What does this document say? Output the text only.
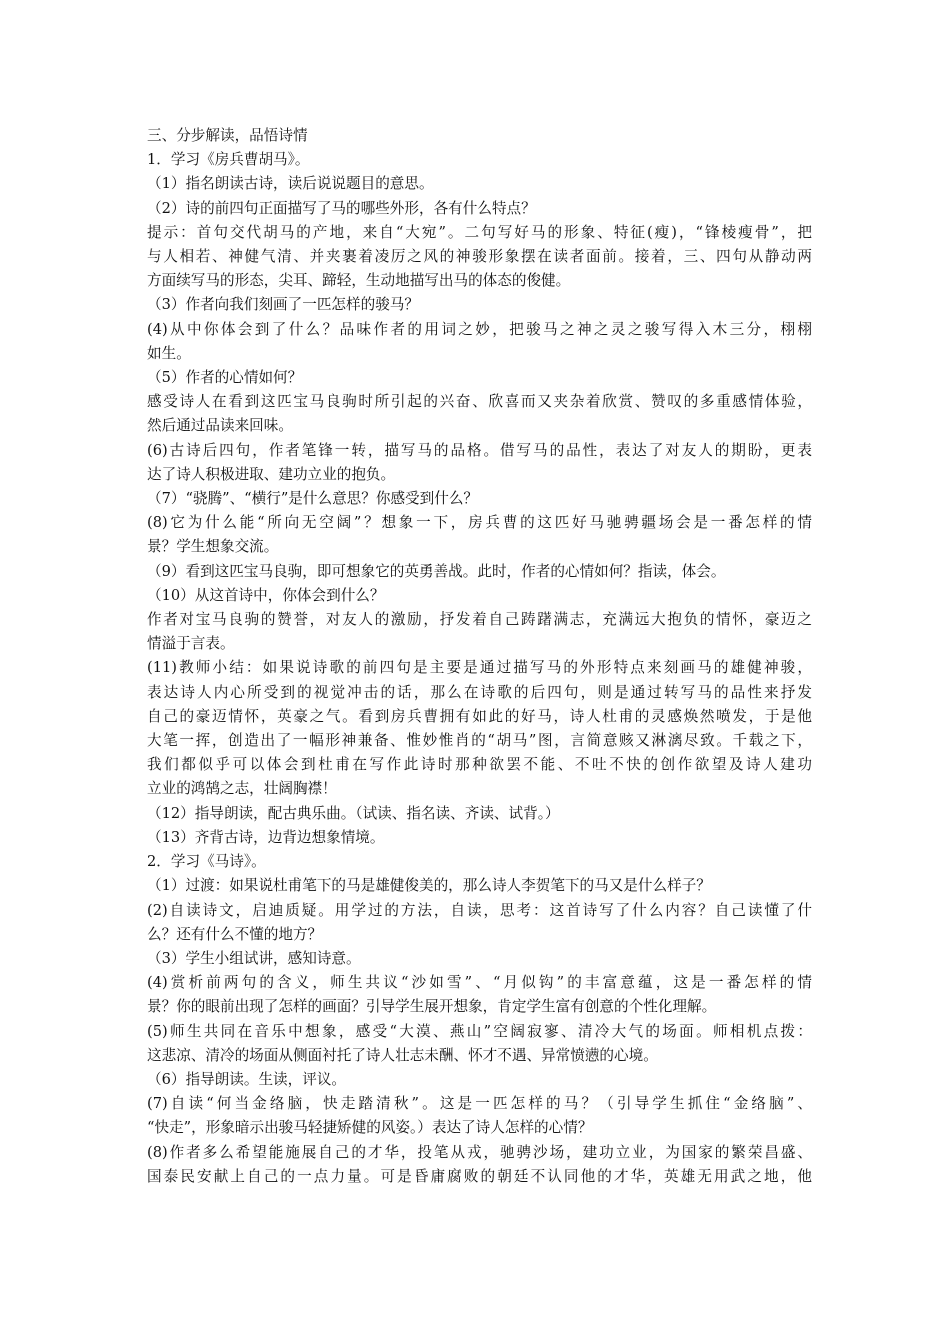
三、分步解读，品悟诗情
1．学习《房兵曹胡马》。
（1）指名朗读古诗，读后说说题目的意思。
（2）诗的前四句正面描写了马的哪些外形，各有什么特点？
提示：首句交代胡马的产地，来自“大宛”。二句写好马的形象、特征(瘦)，“锋棱瘦骨”，把
与人相若、神健气清、并夹裹着凌厉之风的神骏形象摆在读者面前。接着，三、四句从静动两
方面续写马的形态，尖耳、蹄轻，生动地描写出马的体态的俊健。
（3）作者向我们刻画了一匹怎样的骏马？
(4)从中你体会到了什么？品味作者的用词之妙，把骏马之神之灵之骏写得入木三分，栩栩
如生。
（5）作者的心情如何？
感受诗人在看到这匹宝马良驹时所引起的兴奋、欣喜而又夹杂着欣赏、赞叹的多重感情体验，
然后通过品读来回味。
(6)古诗后四句，作者笔锋一转，描写马的品格。借写马的品性，表达了对友人的期盼，更表
达了诗人积极进取、建功立业的抱负。
（7）“骁腾”、“横行”是什么意思？你感受到什么？
(8)它为什么能“所向无空阔”？想象一下，房兵曹的这匹好马驰骋疆场会是一番怎样的情
景？学生想象交流。
（9）看到这匹宝马良驹，即可想象它的英勇善战。此时，作者的心情如何？指读，体会。
（10）从这首诗中，你体会到什么？
作者对宝马良驹的赞誉，对友人的激励，抒发着自己踌躇满志，充满远大抱负的情怀，豪迈之
情溢于言表。
(11)教师小结：如果说诗歌的前四句是主要是通过描写马的外形特点来刻画马的雄健神骏，
表达诗人内心所受到的视觉冲击的话，那么在诗歌的后四句，则是通过转写马的品性来抒发
自己的豪迈情怀，英豪之气。看到房兵曹拥有如此的好马，诗人杜甫的灵感焕然喷发，于是他
大笔一挥，创造出了一幅形神兼备、惟妙惟肖的“胡马”图，言简意赅又淋漓尽致。千载之下，
我们都似乎可以体会到杜甫在写作此诗时那种欲罢不能、不吐不快的创作欲望及诗人建功
立业的鸿鹄之志，壮阔胸襟！
（12）指导朗读，配古典乐曲。（试读、指名读、齐读、试背。）
（13）齐背古诗，边背边想象情境。
2．学习《马诗》。
（1）过渡：如果说杜甫笔下的马是雄健俊美的，那么诗人李贺笔下的马又是什么样子？
(2)自读诗文，启迪质疑。用学过的方法，自读，思考：这首诗写了什么内容？自己读懂了什
么？还有什么不懂的地方？
（3）学生小组试讲，感知诗意。
(4)赏析前两句的含义，师生共议“沙如雪”、“月似钩”的丰富意蕴，这是一番怎样的情
景？你的眼前出现了怎样的画面？引导学生展开想象，肯定学生富有创意的个性化理解。
(5)师生共同在音乐中想象，感受“大漠、燕山”空阔寂寥、清冷大气的场面。师相机点拨：
这悲凉、清冷的场面从侧面衬托了诗人壮志未酬、怀才不遇、异常愤懑的心境。
（6）指导朗读。生读，评议。
(7)自读“何当金络脑，快走踏清秋”。这是一匹怎样的马？（引导学生抓住“金络脑”、
“快走”，形象暗示出骏马轻捷矫健的风姿。）表达了诗人怎样的心情？
(8)作者多么希望能施展自己的才华，投笔从戎，驰骋沙场，建功立业，为国家的繁荣昌盛、
国泰民安献上自己的一点力量。可是昏庸腐败的朝廷不认同他的才华，英雄无用武之地，他
